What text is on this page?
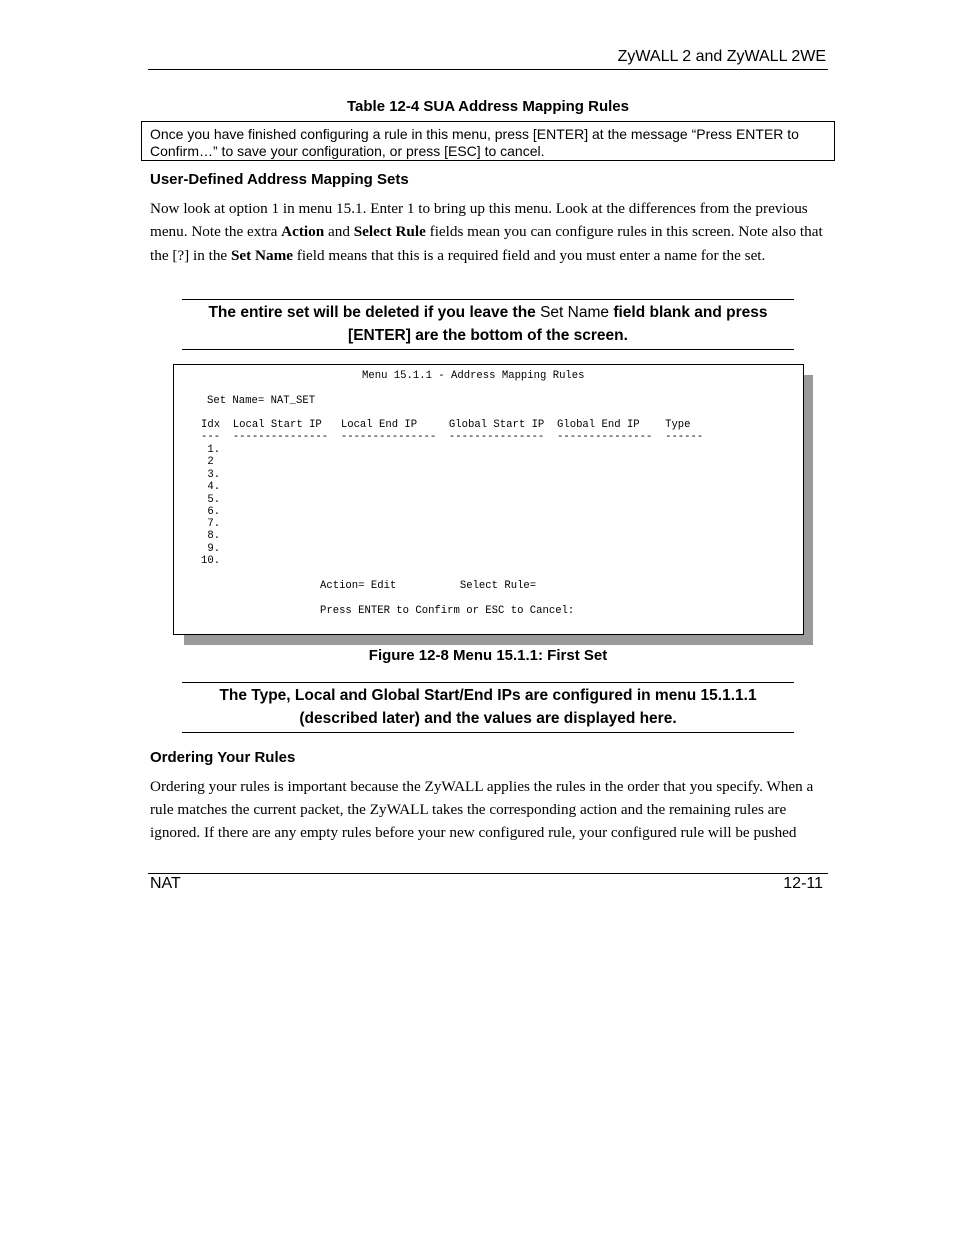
ZyWALL 2 and ZyWALL 2WE
Table 12-4 SUA Address Mapping Rules
Once you have finished configuring a rule in this menu, press [ENTER] at the message “Press ENTER to Confirm…” to save your configuration, or press [ESC] to cancel.
User-Defined Address Mapping Sets
Now look at option 1 in menu 15.1. Enter 1 to bring up this menu. Look at the differences from the previous menu. Note the extra Action and Select Rule fields mean you can configure rules in this screen. Note also that the [?] in the Set Name field means that this is a required field and you must enter a name for the set.
The entire set will be deleted if you leave the Set Name field blank and press
[ENTER] are the bottom of the screen.

Menu 15.1.1 - Address Mapping Rules

Set Name= NAT_SET

Idx  Local Start IP   Local End IP     Global Start IP  Global End IP    Type

---  ---------------  ---------------  ---------------  ---------------  ------

1.

2

3.

4.

5.

6.

7.

8.

9.

10.

Action= Edit          Select Rule=

Press ENTER to Confirm or ESC to Cancel:

Figure 12-8 Menu 15.1.1: First Set
The Type, Local and Global Start/End IPs are configured in menu 15.1.1.1
(described later) and the values are displayed here.
Ordering Your Rules
Ordering your rules is important because the ZyWALL applies the rules in the order that you specify. When a rule matches the current packet, the ZyWALL takes the corresponding action and the remaining rules are ignored. If there are any empty rules before your new configured rule, your configured rule will be pushed
NAT	12-11
